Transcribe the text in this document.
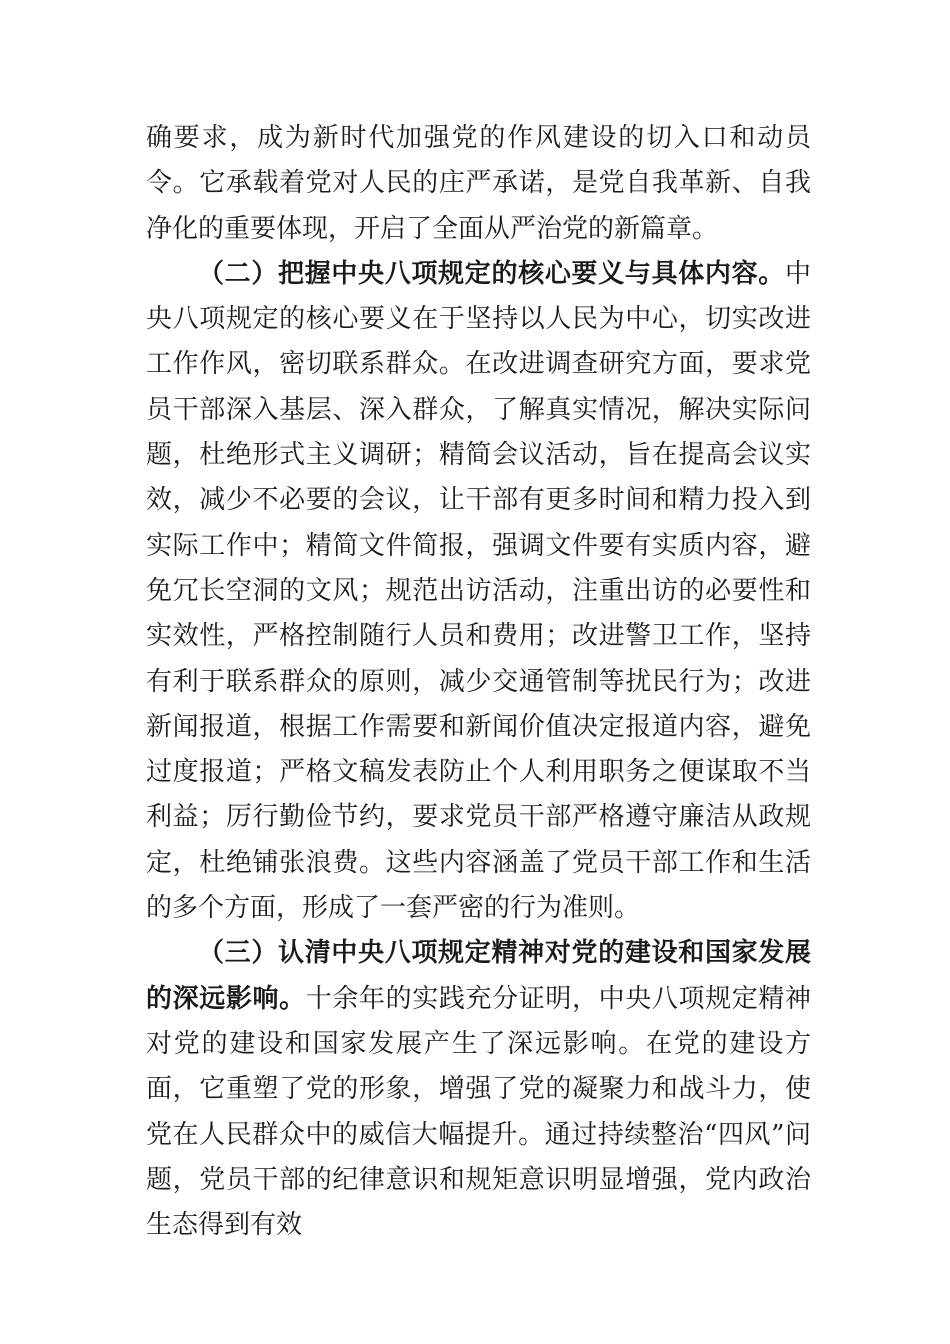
确要求，成为新时代加强党的作风建设的切入口和动员令。它承载着党对人民的庄严承诺，是党自我革新、自我净化的重要体现，开启了全面从严治党的新篇章。

（二）把握中央八项规定的核心要义与具体内容。中央八项规定的核心要义在于坚持以人民为中心，切实改进工作作风，密切联系群众。在改进调查研究方面，要求党员干部深入基层、深入群众，了解真实情况，解决实际问题，杜绝形式主义调研；精简会议活动，旨在提高会议实效，减少不必要的会议，让干部有更多时间和精力投入到实际工作中；精简文件简报，强调文件要有实质内容，避免冗长空洞的文风；规范出访活动，注重出访的必要性和实效性，严格控制随行人员和费用；改进警卫工作，坚持有利于联系群众的原则，减少交通管制等扰民行为；改进新闻报道，根据工作需要和新闻价值决定报道内容，避免过度报道；严格文稿发表防止个人利用职务之便谋取不当利益；厉行勤俭节约，要求党员干部严格遵守廉洁从政规定，杜绝铺张浪费。这些内容涵盖了党员干部工作和生活的多个方面，形成了一套严密的行为准则。

（三）认清中央八项规定精神对党的建设和国家发展的深远影响。十余年的实践充分证明，中央八项规定精神对党的建设和国家发展产生了深远影响。在党的建设方面，它重塑了党的形象，增强了党的凝聚力和战斗力，使党在人民群众中的威信大幅提升。通过持续整治“四风”问题，党员干部的纪律意识和规矩意识明显增强，党内政治生态得到有效
